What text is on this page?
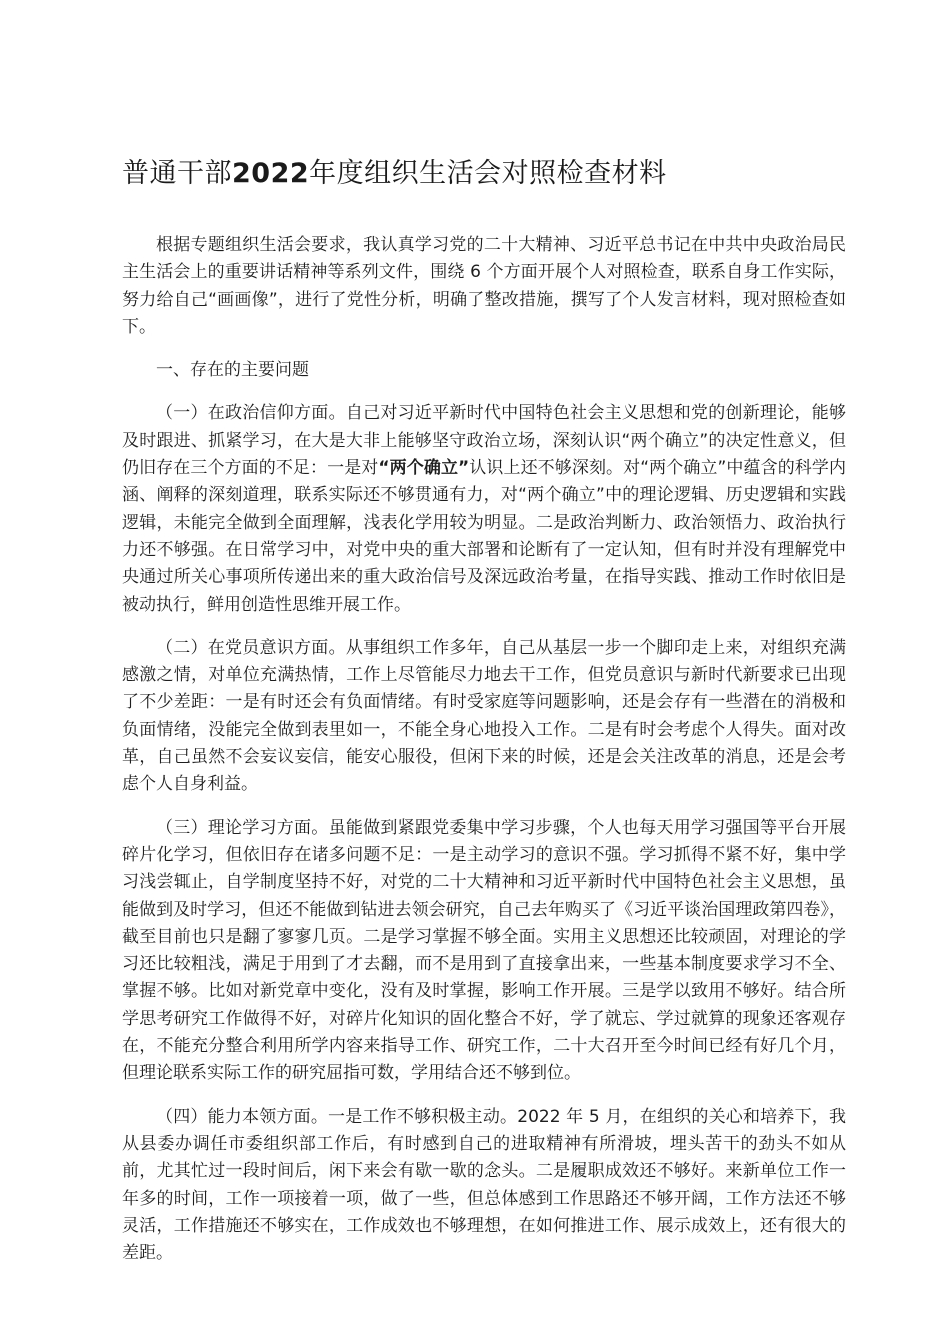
普通干部2022年度组织生活会对照检查材料

根据专题组织生活会要求，我认真学习党的二十大精神、习近平总书记在中共中央政治局民主生活会上的重要讲话精神等系列文件，围绕 6 个方面开展个人对照检查，联系自身工作实际，努力给自己“画画像”，进行了党性分析，明确了整改措施，撰写了个人发言材料，现对照检查如下。

一、存在的主要问题

（一）在政治信仰方面。自己对习近平新时代中国特色社会主义思想和党的创新理论，能够及时跟进、抓紧学习，在大是大非上能够坚守政治立场，深刻认识“两个确立”的决定性意义，但仍旧存在三个方面的不足：一是对“两个确立”认识上还不够深刻。对“两个确立”中蕴含的科学内涵、阐释的深刻道理，联系实际还不够贯通有力，对“两个确立”中的理论逻辑、历史逻辑和实践逻辑，未能完全做到全面理解，浅表化学用较为明显。二是政治判断力、政治领悟力、政治执行力还不够强。在日常学习中，对党中央的重大部署和论断有了一定认知，但有时并没有理解党中央通过所关心事项所传递出来的重大政治信号及深远政治考量，在指导实践、推动工作时依旧是被动执行，鲜用创造性思维开展工作。

（二）在党员意识方面。从事组织工作多年，自己从基层一步一个脚印走上来，对组织充满感激之情，对单位充满热情，工作上尽管能尽力地去干工作，但党员意识与新时代新要求已出现了不少差距：一是有时还会有负面情绪。有时受家庭等问题影响，还是会存有一些潜在的消极和负面情绪，没能完全做到表里如一，不能全身心地投入工作。二是有时会考虑个人得失。面对改革，自己虽然不会妄议妄信，能安心服役，但闲下来的时候，还是会关注改革的消息，还是会考虑个人自身利益。

（三）理论学习方面。虽能做到紧跟党委集中学习步骤，个人也每天用学习强国等平台开展碎片化学习，但依旧存在诸多问题不足：一是主动学习的意识不强。学习抓得不紧不好，集中学习浅尝辄止，自学制度坚持不好，对党的二十大精神和习近平新时代中国特色社会主义思想，虽能做到及时学习，但还不能做到钻进去领会研究，自己去年购买了《习近平谈治国理政第四卷》，截至目前也只是翻了寥寥几页。二是学习掌握不够全面。实用主义思想还比较顽固，对理论的学习还比较粗浅，满足于用到了才去翻，而不是用到了直接拿出来，一些基本制度要求学习不全、掌握不够。比如对新党章中变化，没有及时掌握，影响工作开展。三是学以致用不够好。结合所学思考研究工作做得不好，对碎片化知识的固化整合不好，学了就忘、学过就算的现象还客观存在，不能充分整合利用所学内容来指导工作、研究工作，二十大召开至今时间已经有好几个月，但理论联系实际工作的研究屈指可数，学用结合还不够到位。

（四）能力本领方面。一是工作不够积极主动。2022 年 5 月，在组织的关心和培养下，我从县委办调任市委组织部工作后，有时感到自己的进取精神有所滑坡，埋头苦干的劲头不如从前，尤其忙过一段时间后，闲下来会有歇一歇的念头。二是履职成效还不够好。来新单位工作一年多的时间，工作一项接着一项，做了一些，但总体感到工作思路还不够开阔，工作方法还不够灵活，工作措施还不够实在，工作成效也不够理想，在如何推进工作、展示成效上，还有很大的差距。
